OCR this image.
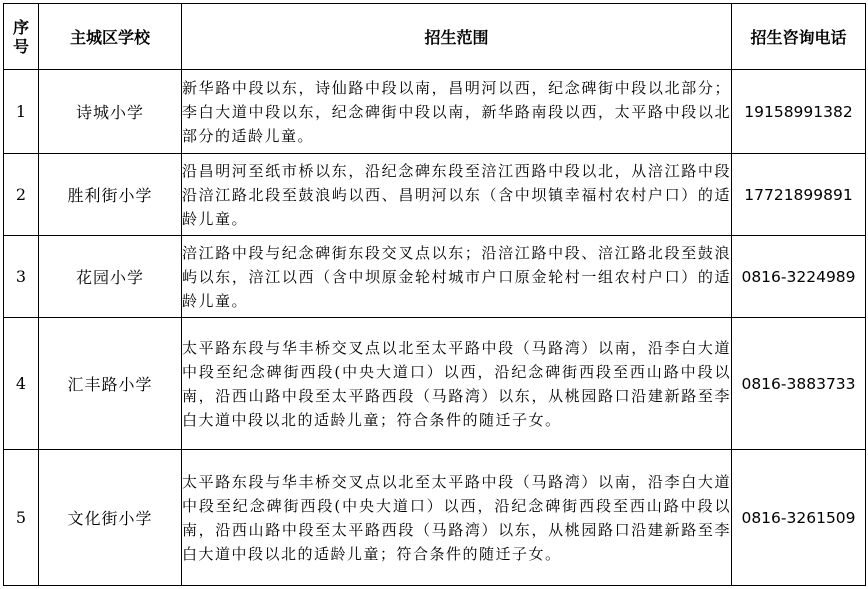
序
号	主城区学校	招生范围	招生咨询电话
1	诗城小学	新华路中段以东，诗仙路中段以南，昌明河以西，纪念碑街中段以北部分；李白大道中段以东，纪念碑街中段以南，新华路南段以西，太平路中段以北部分的适龄儿童。	19158991382
2	胜利街小学	沿昌明河至纸市桥以东，沿纪念碑东段至涪江西路中段以北，从涪江路中段沿涪江路北段至鼓浪屿以西、昌明河以东（含中坝镇幸福村农村户口）的适龄儿童。	17721899891
3	花园小学	涪江路中段与纪念碑街东段交叉点以东；沿涪江路中段、涪江路北段至鼓浪屿以东，涪江以西（含中坝原金轮村城市户口原金轮村一组农村户口）的适龄儿童。	0816-3224989
4	汇丰路小学	太平路东段与华丰桥交叉点以北至太平路中段（马路湾）以南，沿李白大道中段至纪念碑街西段(中央大道口）以西，沿纪念碑街西段至西山路中段以南，沿西山路中段至太平路西段（马路湾）以东，从桃园路口沿建新路至李白大道中段以北的适龄儿童；符合条件的随迁子女。	0816-3883733
5	文化街小学	太平路东段与华丰桥交叉点以北至太平路中段（马路湾）以南，沿李白大道中段至纪念碑街西段(中央大道口）以西，沿纪念碑街西段至西山路中段以南，沿西山路中段至太平路西段（马路湾）以东，从桃园路口沿建新路至李白大道中段以北的适龄儿童；符合条件的随迁子女。	0816-3261509
